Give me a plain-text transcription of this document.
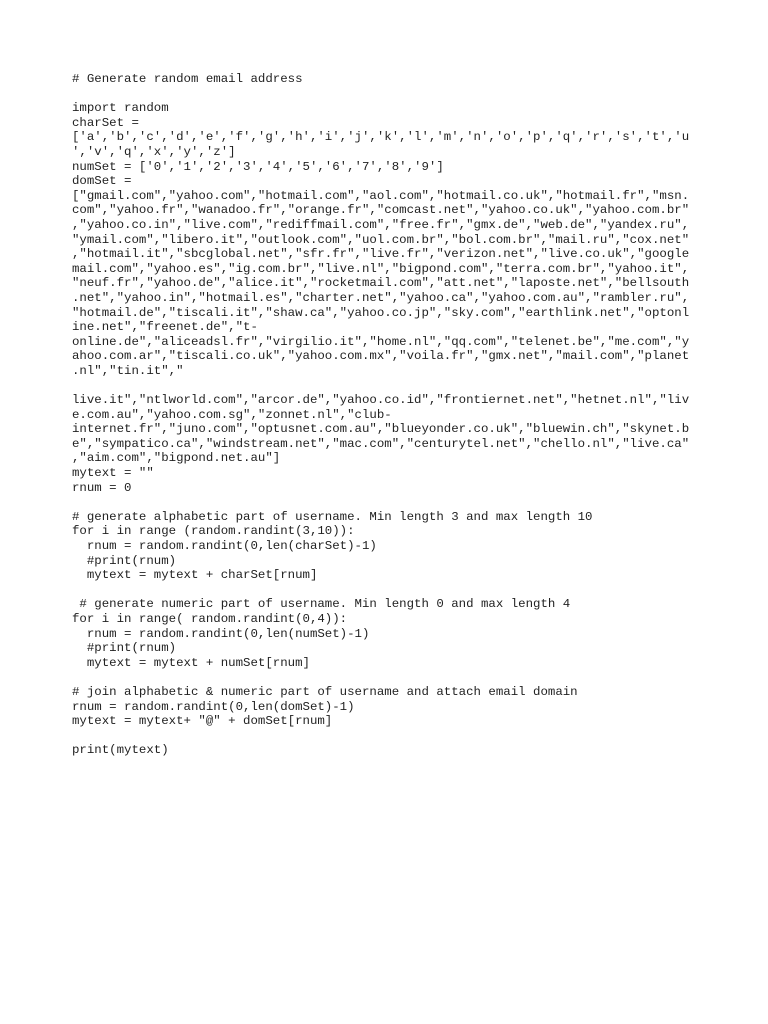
# Generate random email address
import random
charSet =
['a','b','c','d','e','f','g','h','i','j','k','l','m','n','o','p','q','r','s','t','u
','v','q','x','y','z']
numSet = ['0','1','2','3','4','5','6','7','8','9']
domSet =
["gmail.com","yahoo.com","hotmail.com","aol.com","hotmail.co.uk","hotmail.fr","msn.
com","yahoo.fr","wanadoo.fr","orange.fr","comcast.net","yahoo.co.uk","yahoo.com.br"
,"yahoo.co.in","live.com","rediffmail.com","free.fr","gmx.de","web.de","yandex.ru",
"ymail.com","libero.it","outlook.com","uol.com.br","bol.com.br","mail.ru","cox.net"
,"hotmail.it","sbcglobal.net","sfr.fr","live.fr","verizon.net","live.co.uk","google
mail.com","yahoo.es","ig.com.br","live.nl","bigpond.com","terra.com.br","yahoo.it",
"neuf.fr","yahoo.de","alice.it","rocketmail.com","att.net","laposte.net","bellsouth
.net","yahoo.in","hotmail.es","charter.net","yahoo.ca","yahoo.com.au","rambler.ru",
"hotmail.de","tiscali.it","shaw.ca","yahoo.co.jp","sky.com","earthlink.net","optonl
ine.net","freenet.de","t-
online.de","aliceadsl.fr","virgilio.it","home.nl","qq.com","telenet.be","me.com","y
ahoo.com.ar","tiscali.co.uk","yahoo.com.mx","voila.fr","gmx.net","mail.com","planet
.nl","tin.it","
live.it","ntlworld.com","arcor.de","yahoo.co.id","frontiernet.net","hetnet.nl","liv
e.com.au","yahoo.com.sg","zonnet.nl","club-
internet.fr","juno.com","optusnet.com.au","blueyonder.co.uk","bluewin.ch","skynet.b
e","sympatico.ca","windstream.net","mac.com","centurytel.net","chello.nl","live.ca"
,"aim.com","bigpond.net.au"]
mytext = ""
rnum = 0
# generate alphabetic part of username. Min length 3 and max length 10
for i in range (random.randint(3,10)):
rnum = random.randint(0,len(charSet)-1)
#print(rnum)
mytext = mytext + charSet[rnum]
# generate numeric part of username. Min length 0 and max length 4
for i in range( random.randint(0,4)):
rnum = random.randint(0,len(numSet)-1)
#print(rnum)
mytext = mytext + numSet[rnum]
# join alphabetic & numeric part of username and attach email domain
rnum = random.randint(0,len(domSet)-1)
mytext = mytext+ "@" + domSet[rnum]
print(mytext)
